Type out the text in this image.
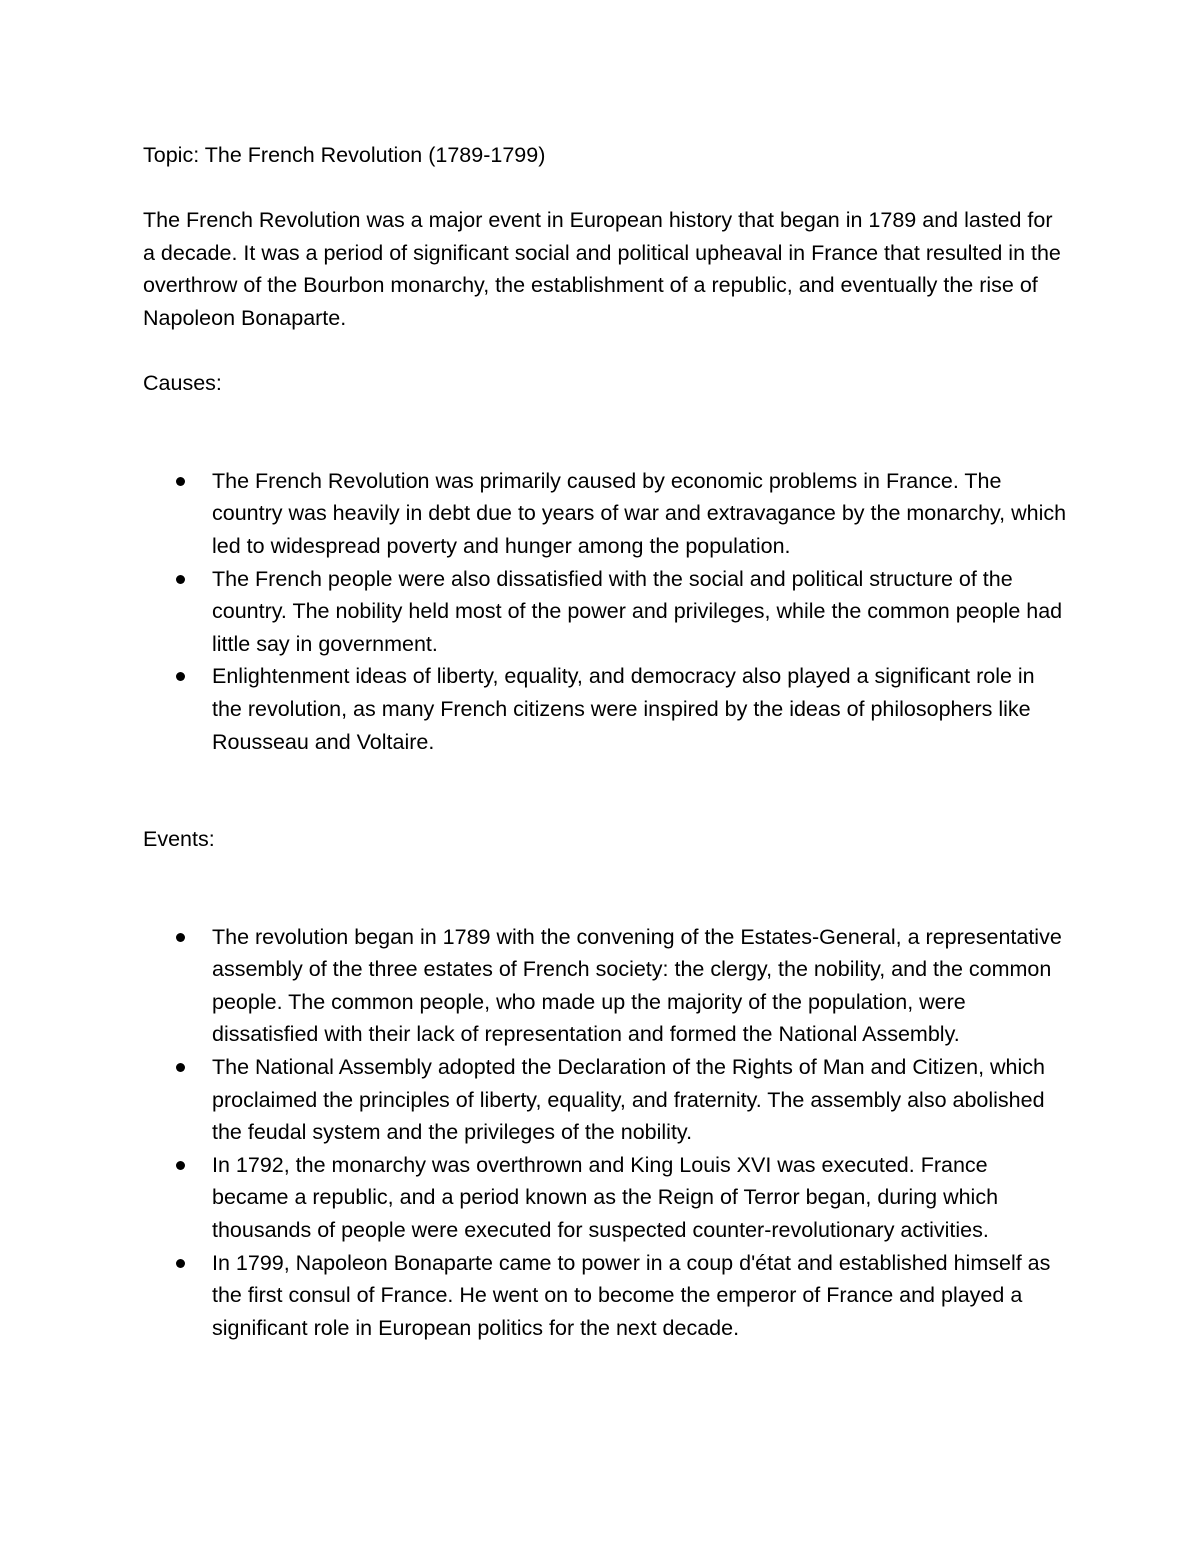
Topic: The French Revolution (1789-1799)

The French Revolution was a major event in European history that began in 1789 and lasted for a decade. It was a period of significant social and political upheaval in France that resulted in the overthrow of the Bourbon monarchy, the establishment of a republic, and eventually the rise of Napoleon Bonaparte.

Causes:

The French Revolution was primarily caused by economic problems in France. The country was heavily in debt due to years of war and extravagance by the monarchy, which led to widespread poverty and hunger among the population.
The French people were also dissatisfied with the social and political structure of the country. The nobility held most of the power and privileges, while the common people had little say in government.
Enlightenment ideas of liberty, equality, and democracy also played a significant role in the revolution, as many French citizens were inspired by the ideas of philosophers like Rousseau and Voltaire.

Events:

The revolution began in 1789 with the convening of the Estates-General, a representative assembly of the three estates of French society: the clergy, the nobility, and the common people. The common people, who made up the majority of the population, were dissatisfied with their lack of representation and formed the National Assembly.
The National Assembly adopted the Declaration of the Rights of Man and Citizen, which proclaimed the principles of liberty, equality, and fraternity. The assembly also abolished the feudal system and the privileges of the nobility.
In 1792, the monarchy was overthrown and King Louis XVI was executed. France became a republic, and a period known as the Reign of Terror began, during which thousands of people were executed for suspected counter-revolutionary activities.
In 1799, Napoleon Bonaparte came to power in a coup d'état and established himself as the first consul of France. He went on to become the emperor of France and played a significant role in European politics for the next decade.
